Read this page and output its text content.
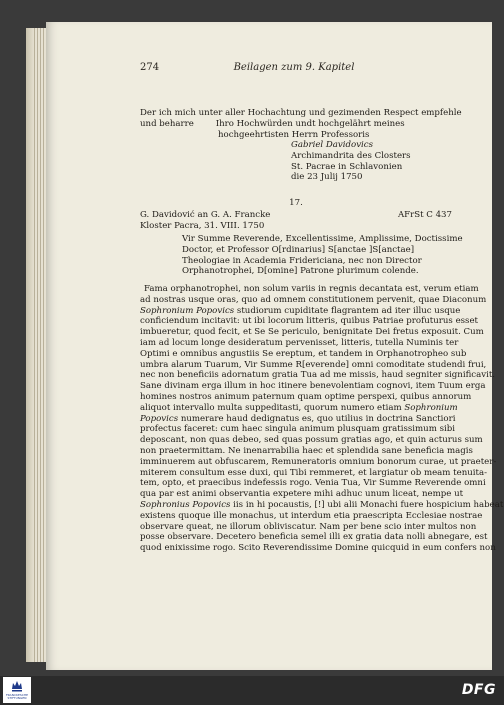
274	Beilagen zum 9. Kapitel
Der ich mich unter aller Hochachtung und gezimenden Respect empfehle
und beharre        Ihro Hochwürden undt hochgelährt meines
hochgeehrtisten Herrn Professoris
Gabriel Davidovics
Archimandrita des Closters
St. Pacrae in Schlavonien
die 23 Julij 1750
17.
G. Davidović an G. A. Francke	AFrSt C 437
Kloster Pacra, 31. VIII. 1750
Vir Summe Reverende, Excellentissime, Amplissime, Doctissime
Doctor, et Professor O[rdinarius] S[anctae ]S[anctae]
Theologiae in Academia Fridericiana, nec non Director
Orphanotrophei, D[omine] Patrone plurimum colende.
Fama orphanotrophei, non solum variis in regnis decantata est, verum etiam
ad nostras usque oras, quo ad omnem constitutionem pervenit, quae Diaconum
Sophronium Popovics studiorum cupiditate flagrantem ad iter illuc usque
conficiendum incitavit: ut ibi locorum litteris, quibus Patriae profuturus esset
imbueretur, quod fecit, et Se Se periculo, benignitate Dei fretus exposuit. Cum
iam ad locum longe desideratum pervenisset, litteris, tutella Numinis ter
Optimi e omnibus angustiis Se ereptum, et tandem in Orphanotropheo sub
umbra alarum Tuarum, Vir Summe R[everende] omni comoditate studendi frui,
nec non beneficiis adornatum gratia Tua ad me missis, haud segniter significavit.
Sane divinam erga illum in hoc itinere benevolentiam cognovi, item Tuum erga
homines nostros animum paternum quam optime perspexi, quibus annorum
aliquot intervallo multa suppeditasti, quorum numero etiam Sophronium
Popovics numerare haud dedignatus es, quo utilius in doctrina Sanctiori
profectus faceret: cum haec singula animum plusquam gratissimum sibi
deposcant, non quas debeo, sed quas possum gratias ago, et quin acturus sum
non praetermittam. Ne inenarrabilia haec et splendida sane beneficia magis
imminuerem aut obfuscarem, Remuneratoris omnium bonorum curae, ut praeter-
miterem consultum esse duxi, qui Tibi remmeret, et largiatur ob meam tenuita-
tem, opto, et praecibus indefessis rogo. Venia Tua, Vir Summe Reverende omni
qua par est animi observantia expetere mihi adhuc unum liceat, nempe ut
Sophronius Popovics iis in hi pocaustis, [!] ubi alii Monachi fuere hospicium habeat
existens quoque ille monachus, ut interdum etia praescripta Ecclesiae nostrae
observare queat, ne illorum obliviscatur. Nam per bene scio inter multos non
posse observare. Decetero beneficia semel illi ex gratia data nolli abnegare, est
quod enixissime rogo. Scito Reverendissime Domine quicquid in eum confers non
FRANCKESCHE STIFTUNGEN
DFG
